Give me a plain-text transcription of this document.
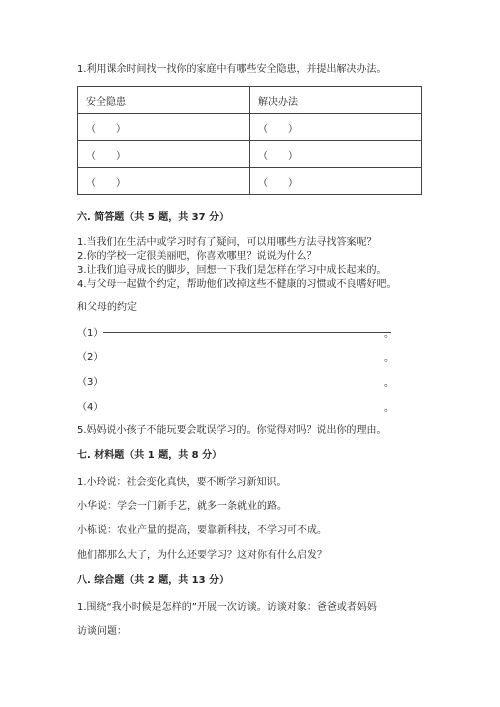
1.利用课余时间找一找你的家庭中有哪些安全隐患，并提出解决办法。
安全隐患	解决办法
（　　）	（　　）
（　　）	（　　）
（　　）	（　　）
六. 简答题（共 5 题，共 37 分）
1.当我们在生活中或学习时有了疑问，可以用哪些方法寻找答案呢？
2.你的学校一定很美丽吧，你喜欢哪里？说说为什么？
3.让我们追寻成长的脚步，回想一下我们是怎样在学习中成长起来的。
4.与父母一起做个约定，帮助他们改掉这些不健康的习惯或不良嗜好吧。
和父母的约定
（1）	。
（2）	。
（3）	。
（4）	。
5.妈妈说小孩子不能玩要会耽误学习的。你觉得对吗？说出你的理由。
七. 材料题（共 1 题，共 8 分）
1.小玲说：社会变化真快，要不断学习新知识。
小华说：学会一门新手艺，就多一条就业的路。
小栋说：农业产量的提高，要靠新科技，不学习可不成。
他们都那么大了，为什么还要学习？这对你有什么启发？
八. 综合题（共 2 题，共 13 分）
1.围绕“我小时候是怎样的”开展一次访谈。访谈对象：爸爸或者妈妈
访谈问题：
